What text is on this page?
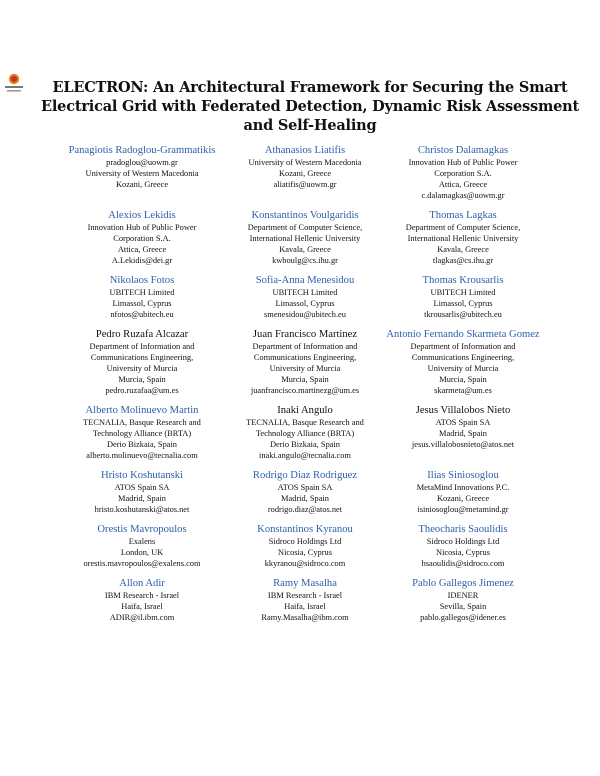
ELECTRON: An Architectural Framework for Securing the Smart Electrical Grid with Federated Detection, Dynamic Risk Assessment and Self-Healing
Panagiotis Radoglou-Grammatikis
pradoglou@uowm.gr
University of Western Macedonia
Kozani, Greece
Athanasios Liatifis
University of Western Macedonia
Kozani, Greece
aliatifis@uowm.gr
Christos Dalamagkas
Innovation Hub of Public Power
Corporation S.A.
Attica, Greece
c.dalamagkas@uowm.gr
Alexios Lekidis
Innovation Hub of Public Power
Corporation S.A.
Attica, Greece
A.Lekidis@dei.gr
Konstantinos Voulgaridis
Department of Computer Science,
International Hellenic University
Kavala, Greece
kwboulg@cs.ihu.gr
Thomas Lagkas
Department of Computer Science,
International Hellenic University
Kavala, Greece
tlagkas@cs.ihu.gr
Nikolaos Fotos
UBITECH Limited
Limassol, Cyprus
nfotos@ubitech.eu
Sofia-Anna Menesidou
UBITECH Limited
Limassol, Cyprus
smenesidou@ubitech.eu
Thomas Krousarlis
UBITECH Limited
Limassol, Cyprus
tkrousarlis@ubitech.eu
Pedro Ruzafa Alcazar
Department of Information and
Communications Engineering,
University of Murcia
Murcia, Spain
pedro.ruzafaa@um.es
Juan Francisco Martinez
Department of Information and
Communications Engineering,
University of Murcia
Murcia, Spain
juanfrancisco.martinezg@um.es
Antonio Fernando Skarmeta Gomez
Department of Information and
Communications Engineering,
University of Murcia
Murcia, Spain
skarmeta@um.es
Alberto Molinuevo Martin
TECNALIA, Basque Research and
Technology Alliance (BRTA)
Derio Bizkaia, Spain
alberto.molinuevo@tecnalia.com
Inaki Angulo
TECNALIA, Basque Research and
Technology Alliance (BRTA)
Derio Bizkaia, Spain
inaki.angulo@tecnalia.com
Jesus Villalobos Nieto
ATOS Spain SA
Madrid, Spain
jesus.villalobosnieto@atos.net
Hristo Koshutanski
ATOS Spain SA
Madrid, Spain
hristo.koshutanski@atos.net
Rodrigo Diaz Rodriguez
ATOS Spain SA
Madrid, Spain
rodrigo.diaz@atos.net
Ilias Siniosoglou
MetaMind Innovations P.C.
Kozani, Greece
isiniosoglou@metamind.gr
Orestis Mavropoulos
Exalens
London, UK
orestis.mavropoulos@exalens.com
Konstantinos Kyranou
Sidroco Holdings Ltd
Nicosia, Cyprus
kkyranou@sidroco.com
Theocharis Saoulidis
Sidroco Holdings Ltd
Nicosia, Cyprus
hsaoulidis@sidroco.com
Allon Adir
IBM Research - Israel
Haifa, Israel
ADIR@il.ibm.com
Ramy Masalha
IBM Research - Israel
Haifa, Israel
Ramy.Masalha@ibm.com
Pablo Gallegos Jimenez
IDENER
Sevilla, Spain
pablo.gallegos@idener.es
